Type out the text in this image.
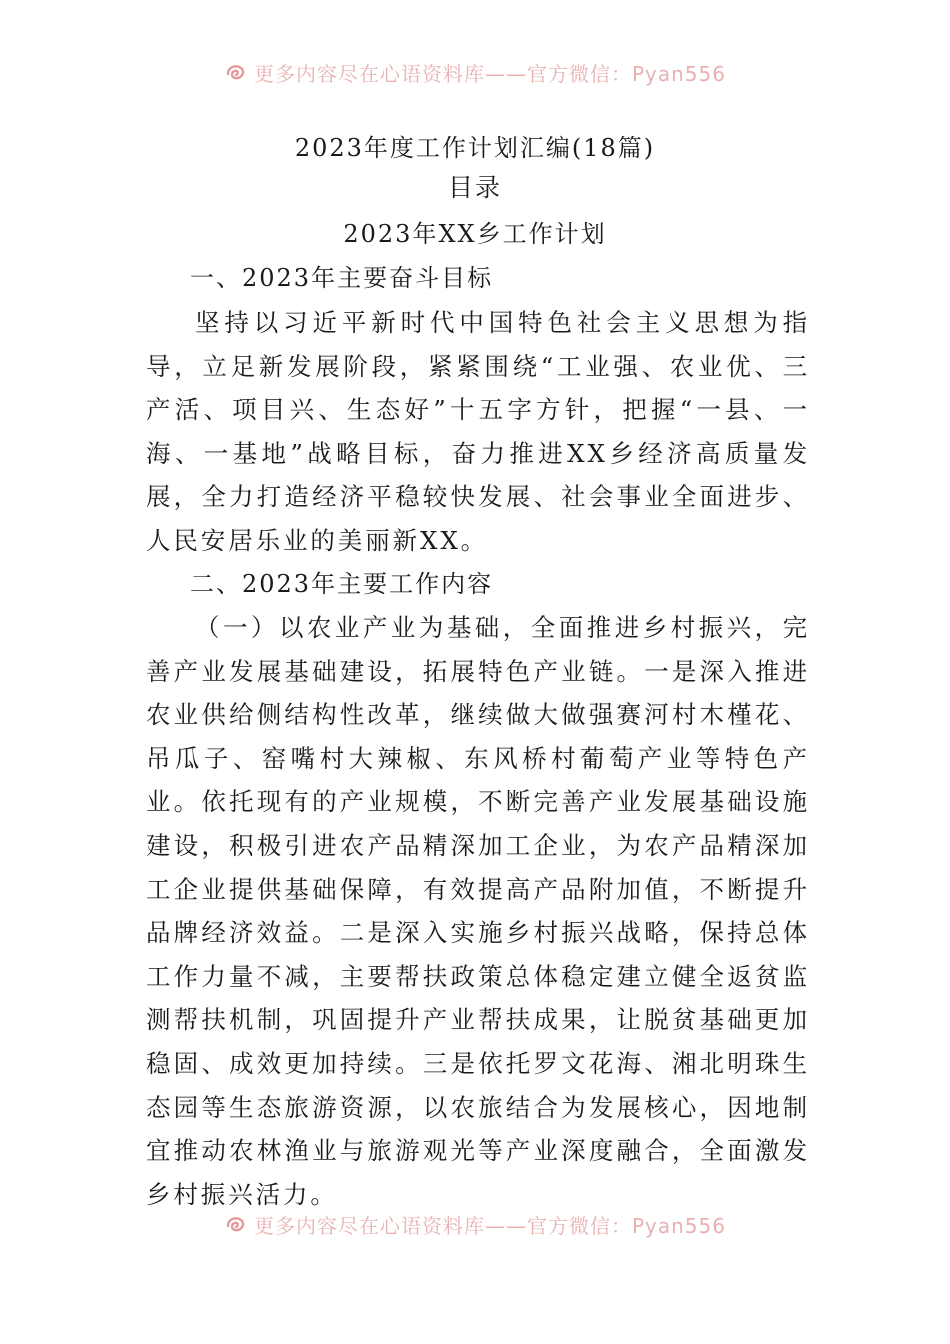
更多内容尽在心语资料库——官方微信：Pyan556
2023年度工作计划汇编(18篇)
目录
2023年XX乡工作计划
一、2023年主要奋斗目标

坚持以习近平新时代中国特色社会主义思想为指导，立足新发展阶段，紧紧围绕“工业强、农业优、三产活、项目兴、生态好”十五字方针，把握“一县、一海、一基地”战略目标，奋力推进XX乡经济高质量发展，全力打造经济平稳较快发展、社会事业全面进步、人民安居乐业的美丽新XX。

二、2023年主要工作内容

（一）以农业产业为基础，全面推进乡村振兴，完善产业发展基础建设，拓展特色产业链。一是深入推进农业供给侧结构性改革，继续做大做强赛河村木槿花、吊瓜子、窑嘴村大辣椒、东风桥村葡萄产业等特色产业。依托现有的产业规模，不断完善产业发展基础设施建设，积极引进农产品精深加工企业，为农产品精深加工企业提供基础保障，有效提高产品附加值，不断提升品牌经济效益。二是深入实施乡村振兴战略，保持总体工作力量不减，主要帮扶政策总体稳定建立健全返贫监测帮扶机制，巩固提升产业帮扶成果，让脱贫基础更加稳固、成效更加持续。三是依托罗文花海、湘北明珠生态园等生态旅游资源，以农旅结合为发展核心，因地制宜推动农林渔业与旅游观光等产业深度融合，全面激发乡村振兴活力。

更多内容尽在心语资料库——官方微信：Pyan556
